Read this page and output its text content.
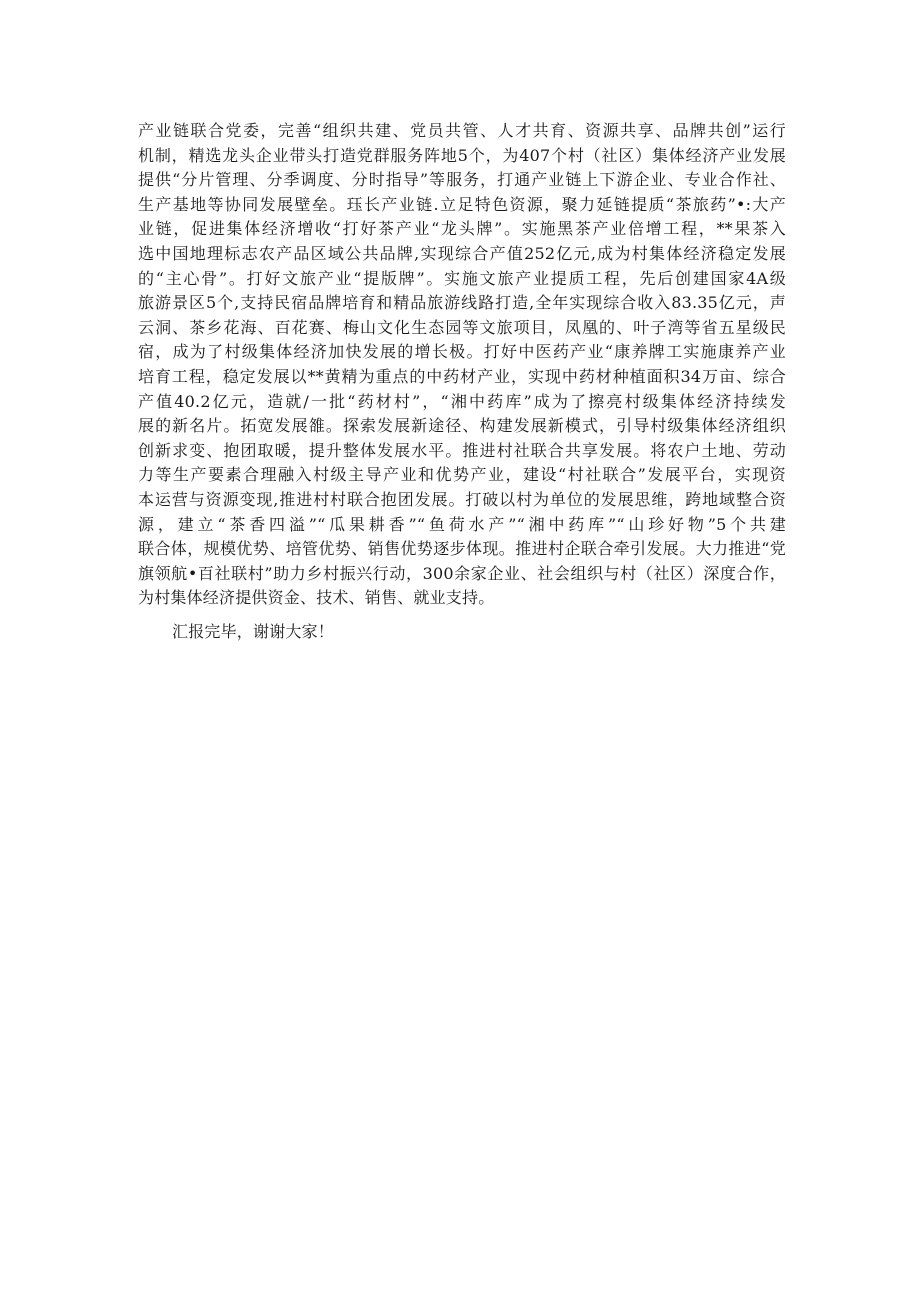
产业链联合党委，完善“组织共建、党员共管、人才共育、资源共享、品牌共创”运行
机制，精选龙头企业带头打造党群服务阵地5个，为407个村（社区）集体经济产业发展
提供“分片管理、分季调度、分时指导”等服务，打通产业链上下游企业、专业合作社、
生产基地等协同发展壁垒。珏长产业链.立足特色资源，聚力延链提质“茶旅药”•:大产
业链，促进集体经济增收“打好茶产业“龙头牌”。实施黑茶产业倍增工程，**果茶入
选中国地理标志农产品区域公共品牌,实现综合产值252亿元,成为村集体经济稳定发展
的“主心骨”。打好文旅产业“提版牌”。实施文旅产业提质工程，先后创建国家4A级
旅游景区5个,支持民宿品牌培育和精品旅游线路打造,全年实现综合收入83.35亿元，声
云洞、茶乡花海、百花赛、梅山文化生态园等文旅项目，凤凰的、叶子湾等省五星级民
宿，成为了村级集体经济加快发展的增长极。打好中医药产业“康养牌工实施康养产业
培育工程，稳定发展以**黄精为重点的中药材产业，实现中药材种植面积34万亩、综合
产值40.2亿元，造就/一批“药材村”，“湘中药库”成为了擦亮村级集体经济持续发
展的新名片。拓宽发展雒。探索发展新途径、构建发展新模式，引导村级集体经济组织
创新求变、抱团取暖，提升整体发展水平。推进村社联合共享发展。将农户土地、劳动
力等生产要素合理融入村级主导产业和优势产业，建设“村社联合”发展平台，实现资
本运营与资源变现,推进村村联合抱团发展。打破以村为单位的发展思维，跨地域整合资
源，建立“茶香四溢”“瓜果耕香”“鱼荷水产”“湘中药库”“山珍好物”5个共建
联合体，规模优势、培管优势、销售优势逐步体现。推进村企联合牵引发展。大力推进“党
旗领航•百社联村”助力乡村振兴行动，300余家企业、社会组织与村（社区）深度合作，
为村集体经济提供资金、技术、销售、就业支持。
汇报完毕，谢谢大家！
